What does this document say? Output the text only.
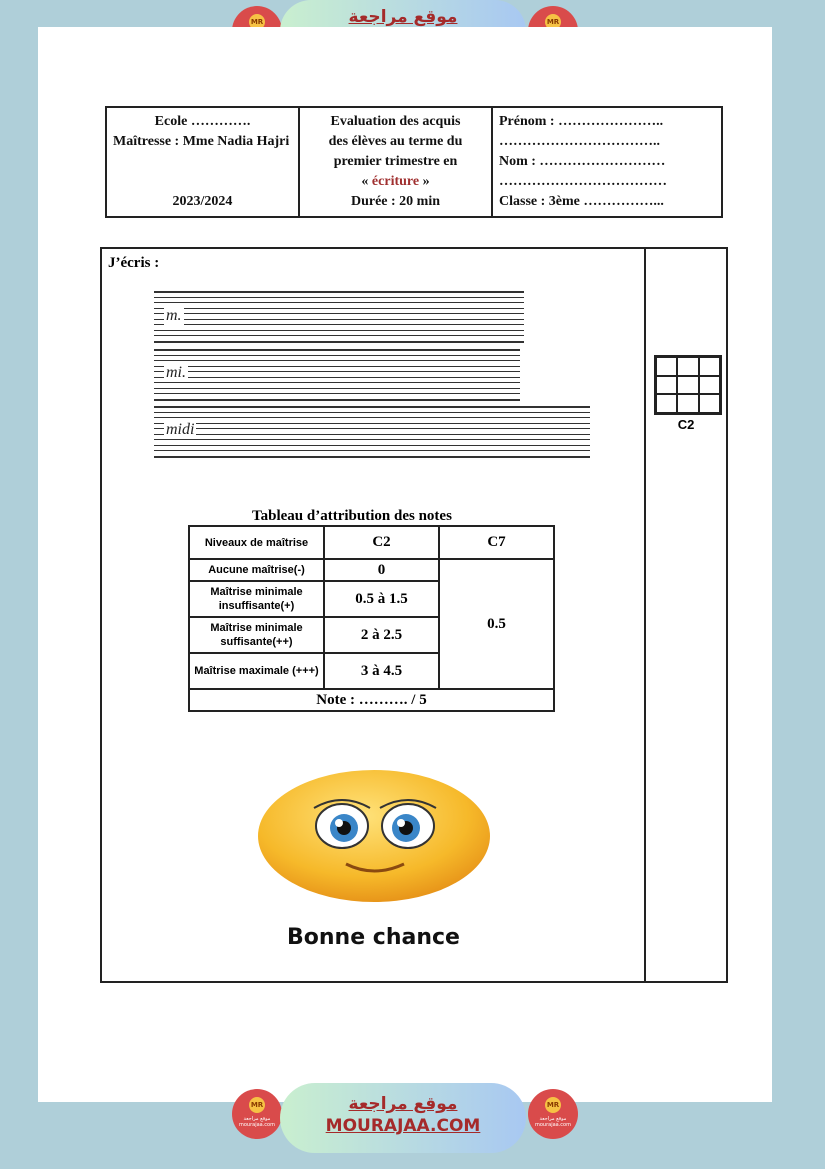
MR	موقع مراجعة	MR
Ecole ………….
Maîtresse : Mme Nadia Hajri
2023/2024
Evaluation des acquis
des élèves au terme du
premier trimestre en
« écriture »
Durée : 20 min
Prénom : …………………..
……………………………..
Nom : ………………………
………………………………
Classe : 3ème ……………...
J’écris :
m.
mi.
midi	C2
Tableau d’attribution des notes
Niveaux de maîtrise	C2	C7
Aucune maîtrise(-)	0	0.5
Maîtrise minimale insuffisante(+)	0.5 à 1.5	
Maîtrise minimale suffisante(++)	2 à 2.5	
Maîtrise maximale (+++)	3 à 4.5	
Note : ………. / 5		
Bonne chance
MR
موقع مراجعة mourajaa.com
موقع مراجعة
MOURAJAA.COM
MR
موقع مراجعة mourajaa.com
